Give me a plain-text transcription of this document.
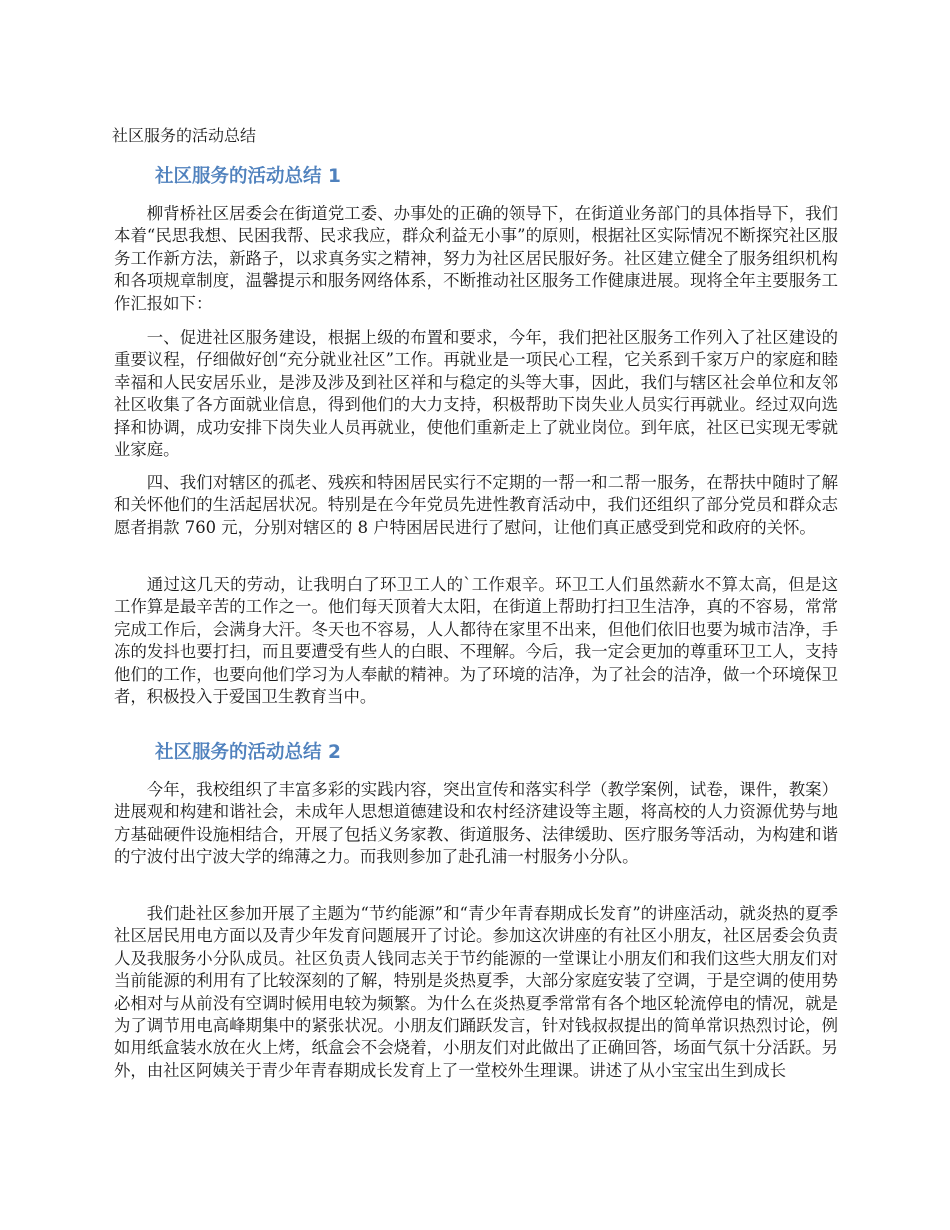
社区服务的活动总结
社区服务的活动总结 1

柳背桥社区居委会在街道党工委、办事处的正确的领导下，在街道业务部门的具体指导下，我们本着“民思我想、民困我帮、民求我应，群众利益无小事”的原则，根据社区实际情况不断探究社区服务工作新方法，新路子，以求真务实之精神，努力为社区居民服好务。社区建立健全了服务组织机构和各项规章制度，温馨提示和服务网络体系，不断推动社区服务工作健康进展。现将全年主要服务工作汇报如下：

一、促进社区服务建设，根据上级的布置和要求，今年，我们把社区服务工作列入了社区建设的重要议程，仔细做好创“充分就业社区”工作。再就业是一项民心工程，它关系到千家万户的家庭和睦幸福和人民安居乐业，是涉及涉及到社区祥和与稳定的头等大事，因此，我们与辖区社会单位和友邻社区收集了各方面就业信息，得到他们的大力支持，积极帮助下岗失业人员实行再就业。经过双向选择和协调，成功安排下岗失业人员再就业，使他们重新走上了就业岗位。到年底，社区已实现无零就业家庭。

四、我们对辖区的孤老、残疾和特困居民实行不定期的一帮一和二帮一服务，在帮扶中随时了解和关怀他们的生活起居状况。特别是在今年党员先进性教育活动中，我们还组织了部分党员和群众志愿者捐款 760 元，分别对辖区的 8 户特困居民进行了慰问，让他们真正感受到党和政府的关怀。

通过这几天的劳动，让我明白了环卫工人的`工作艰辛。环卫工人们虽然薪水不算太高，但是这工作算是最辛苦的工作之一。他们每天顶着大太阳，在街道上帮助打扫卫生洁净，真的不容易，常常完成工作后，会满身大汗。冬天也不容易，人人都待在家里不出来，但他们依旧也要为城市洁净，手冻的发抖也要打扫，而且要遭受有些人的白眼、不理解。今后，我一定会更加的尊重环卫工人，支持他们的工作，也要向他们学习为人奉献的精神。为了环境的洁净，为了社会的洁净，做一个环境保卫者，积极投入于爱国卫生教育当中。

社区服务的活动总结 2

今年，我校组织了丰富多彩的实践内容，突出宣传和落实科学（教学案例，试卷，课件，教案）进展观和构建和谐社会，未成年人思想道德建设和农村经济建设等主题，将高校的人力资源优势与地方基础硬件设施相结合，开展了包括义务家教、街道服务、法律缓助、医疗服务等活动，为构建和谐的宁波付出宁波大学的绵薄之力。而我则参加了赴孔浦一村服务小分队。

我们赴社区参加开展了主题为“节约能源”和“青少年青春期成长发育”的讲座活动，就炎热的夏季社区居民用电方面以及青少年发育问题展开了讨论。参加这次讲座的有社区小朋友，社区居委会负责人及我服务小分队成员。社区负责人钱同志关于节约能源的一堂课让小朋友们和我们这些大朋友们对当前能源的利用有了比较深刻的了解，特别是炎热夏季，大部分家庭安装了空调，于是空调的使用势必相对与从前没有空调时候用电较为频繁。为什么在炎热夏季常常有各个地区轮流停电的情况，就是为了调节用电高峰期集中的紧张状况。小朋友们踊跃发言，针对钱叔叔提出的简单常识热烈讨论，例如用纸盒装水放在火上烤，纸盒会不会烧着，小朋友们对此做出了正确回答，场面气氛十分活跃。另外，由社区阿姨关于青少年青春期成长发育上了一堂校外生理课。讲述了从小宝宝出生到成长
